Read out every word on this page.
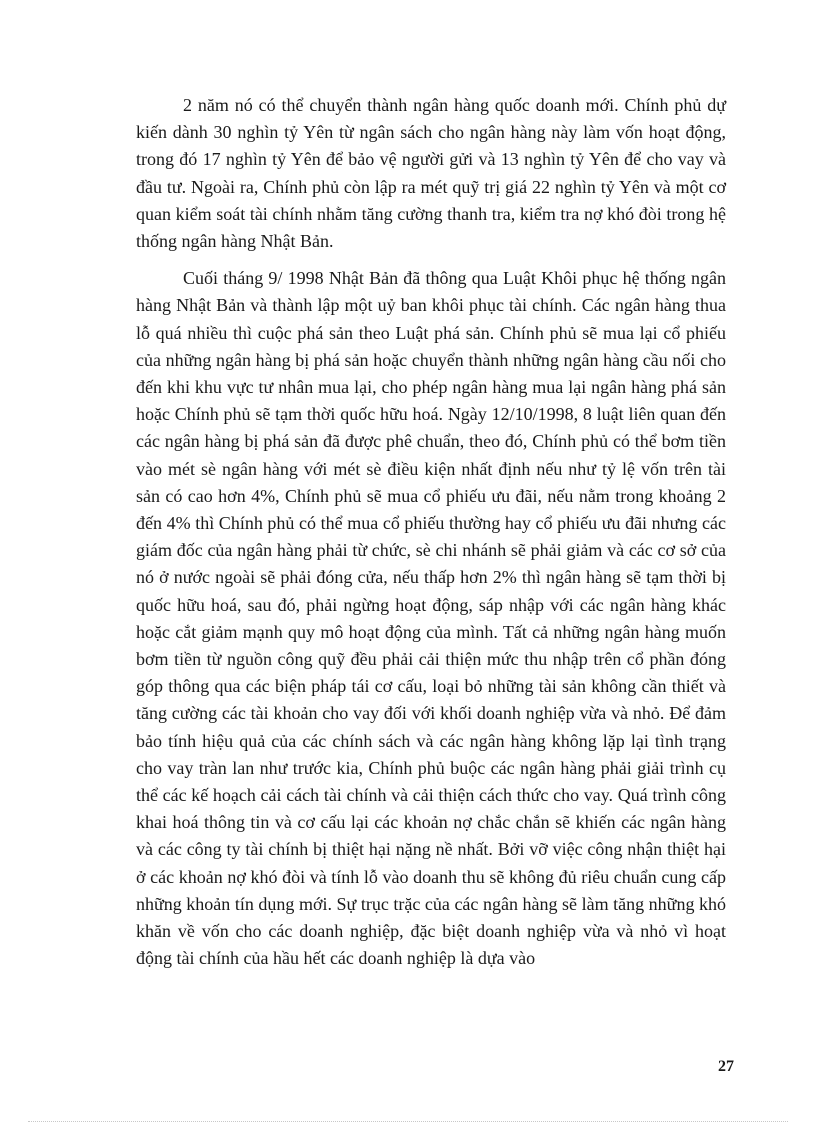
2 năm nó có thể chuyển thành ngân hàng quốc doanh mới. Chính phủ dự kiến dành 30 nghìn tỷ Yên từ ngân sách cho ngân hàng này làm vốn hoạt động, trong đó 17 nghìn tỷ Yên để bảo vệ người gửi và 13 nghìn tỷ Yên để cho vay và đầu tư. Ngoài ra, Chính phủ còn lập ra mét quỹ trị giá 22 nghìn tỷ Yên và một cơ quan kiểm soát tài chính nhằm tăng cường thanh tra, kiểm tra nợ khó đòi trong hệ thống ngân hàng Nhật Bản.

Cuối tháng 9/ 1998 Nhật Bản đã thông qua Luật Khôi phục hệ thống ngân hàng Nhật Bản và thành lập một uỷ ban khôi phục tài chính. Các ngân hàng thua lỗ quá nhiều thì cuộc phá sản theo Luật phá sản. Chính phủ sẽ mua lại cổ phiếu của những ngân hàng bị phá sản hoặc chuyển thành những ngân hàng cầu nối cho đến khi khu vực tư nhân mua lại, cho phép ngân hàng mua lại ngân hàng phá sản hoặc Chính phủ sẽ tạm thời quốc hữu hoá. Ngày 12/10/1998, 8 luật liên quan đến các ngân hàng bị phá sản đã được phê chuẩn, theo đó, Chính phủ có thể bơm tiền vào mét sè ngân hàng với mét sè điều kiện nhất định nếu như tỷ lệ vốn trên tài sản có cao hơn 4%, Chính phủ sẽ mua cổ phiếu ưu đãi, nếu nằm trong khoảng 2 đến 4% thì Chính phủ có thể mua cổ phiếu thường hay cổ phiếu ưu đãi nhưng các giám đốc của ngân hàng phải từ chức, sè chi nhánh sẽ phải giảm và các cơ sở của nó ở nước ngoài sẽ phải đóng cửa, nếu thấp hơn 2% thì ngân hàng sẽ tạm thời bị quốc hữu hoá, sau đó, phải ngừng hoạt động, sáp nhập với các ngân hàng khác hoặc cắt giảm mạnh quy mô hoạt động của mình. Tất cả những ngân hàng muốn bơm tiền từ nguồn công quỹ đều phải cải thiện mức thu nhập trên cổ phần đóng góp thông qua các biện pháp tái cơ cấu, loại bỏ những tài sản không cần thiết và tăng cường các tài khoản cho vay đối với khối doanh nghiệp vừa và nhỏ. Để đảm bảo tính hiệu quả của các chính sách và các ngân hàng không lặp lại tình trạng cho vay tràn lan như trước kia, Chính phủ buộc các ngân hàng phải giải trình cụ thể các kế hoạch cải cách tài chính và cải thiện cách thức cho vay. Quá trình công khai hoá thông tin và cơ cấu lại các khoản nợ chắc chắn sẽ khiến các ngân hàng và các công ty tài chính bị thiệt hại nặng nề nhất. Bởi vỡ việc công nhận thiệt hại ở các khoản nợ khó đòi và tính lỗ vào doanh thu sẽ không đủ riêu chuẩn cung cấp những khoản tín dụng mới. Sự trục trặc của các ngân hàng sẽ làm tăng những khó khăn về vốn cho các doanh nghiệp, đặc biệt doanh nghiệp vừa và nhỏ vì hoạt động tài chính của hầu hết các doanh nghiệp là dựa vào

27
